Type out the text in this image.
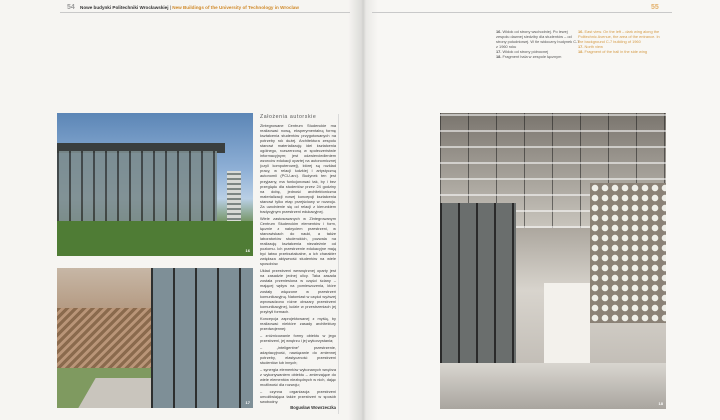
54	55
Nowe budynki Politechniki Wrocławskiej | New Buildings of the University of Technology in Wroclaw
16
17	18
Założenia autorskie

Zintegrowane Centrum Studenckie ma realizować nową, eksperymentalną formę kształcenia studentów przygotowanych na potrzeby rok dużej. Architektura zespołu stanowi materializację idei kształcenia ogólnego, rozszerzoną w społeczeństwie informacyjnym; jest odzwierciedleniem wzorców edukacji opartej na autonomicznej (czyli komputerowej), której są rozkład pracy, w relacji ludzkiej i artystyczną autonomii (PCU-arc). Budynek ten jest przyjazny, ma funkcjonować tak, by i bez przeglądu dla studentów przez 24 godziny na dobę, jedność architektoniczna materializacji nowej koncepcji kształcenia stanowi tylko etap przejściowy w rozwoju. Za uwolnienie się od relacji z kierunkiem tradycyjnym przestrzeni edukacyjnej.

Wiele zastosowanych w Zintegrowanym Centrum Studenckim elementów i form, łącznie z nakryciem przestrzeni, w stanowiskach do nauki, a także laboratoriów studenckich, pozwala na realizację kształcenia niezależnie od poziomu. Ich przestrzenie edukacyjne mają być łatwo przekształcalne, a ich charakter zwiększa aktywność studentów na wiele sposobów.

Układ przestrzeni wewnętrznej oparty jest na zasadzie jednej ulicy. Taka zasada została przeniesiona w części ściany – mającej wpływ na pomieszczenia, które zostały włączone w przestrzeń komunikacyjną. Natomiast w części wyższej wprowadzono różne obszary przestrzeni komunikacyjnej, ludzie w przestrzeniach jej przybyli formach.

Koncepcja zaprojektowanej z myślą, by realizować niektóre zasady architektury przedwojennej:

– zróżnicowanie formy obiektu w jego przestrzeni, jej wnętrzu i jej wykorzystania;

– „inteligentne” przestrzenie, adaptacyjność, nawiązanie do zmiennej potrzeby, elastyczność przestrzeni studentów lub innych;

– synergia elementów wykonanych wnętrza z wykonywaniem obiektu – zmierzające do wiele elementów niezbędnych w nich, dając możliwość dla rozwoju;

– czynna organizacja przestrzeni umożliwiająca także przestrzeń w sposób swobodny.

Bogusław Wowrzeczka
16. Widok od strony wschodniej. Po lewej zespołu dawnej siedziby dla studentów – od strony południowej. W tle widoczny budynek C-7 z 1960 roku
17. Widok od strony północnej
18. Fragment hala w zespole łącznym
16. East view. On the left – dark wing along the Politechnic Avenue, the area of the entrance. In the background C-7 building of 1960
17. North view
18. Fragment of the hall in the side wing
